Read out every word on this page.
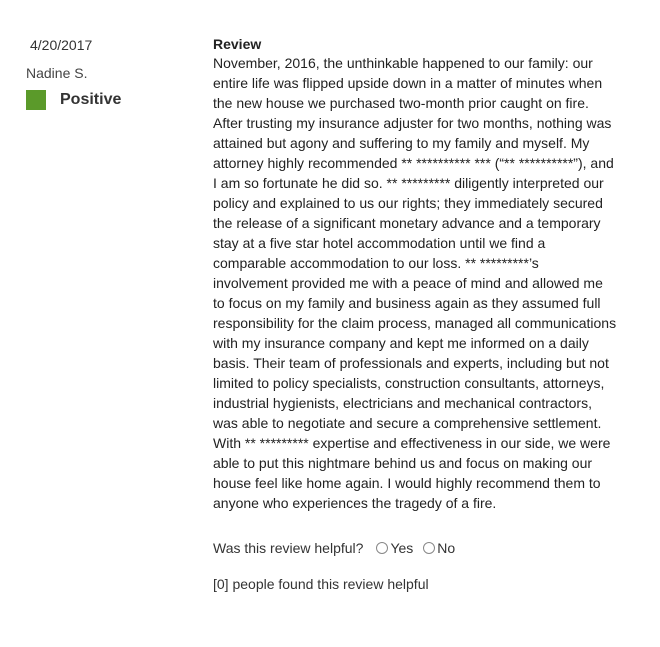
4/20/2017
Nadine S.
Positive
Review
November, 2016, the unthinkable happened to our family: our entire life was flipped upside down in a matter of minutes when the new house we purchased two-month prior caught on fire. After trusting my insurance adjuster for two months, nothing was attained but agony and suffering to my family and myself. My attorney highly recommended ** ********** *** (“** **********”), and I am so fortunate he did so. ** ********* diligently interpreted our policy and explained to us our rights; they immediately secured the release of a significant monetary advance and a temporary stay at a five star hotel accommodation until we find a comparable accommodation to our loss. ** *********’s involvement provided me with a peace of mind and allowed me to focus on my family and business again as they assumed full responsibility for the claim process, managed all communications with my insurance company and kept me informed on a daily basis. Their team of professionals and experts, including but not limited to policy specialists, construction consultants, attorneys, industrial hygienists, electricians and mechanical contractors, was able to negotiate and secure a comprehensive settlement. With ** ********* expertise and effectiveness in our side, we were able to put this nightmare behind us and focus on making our house feel like home again. I would highly recommend them to anyone who experiences the tragedy of a fire.
Was this review helpful? Yes No
[0] people found this review helpful
